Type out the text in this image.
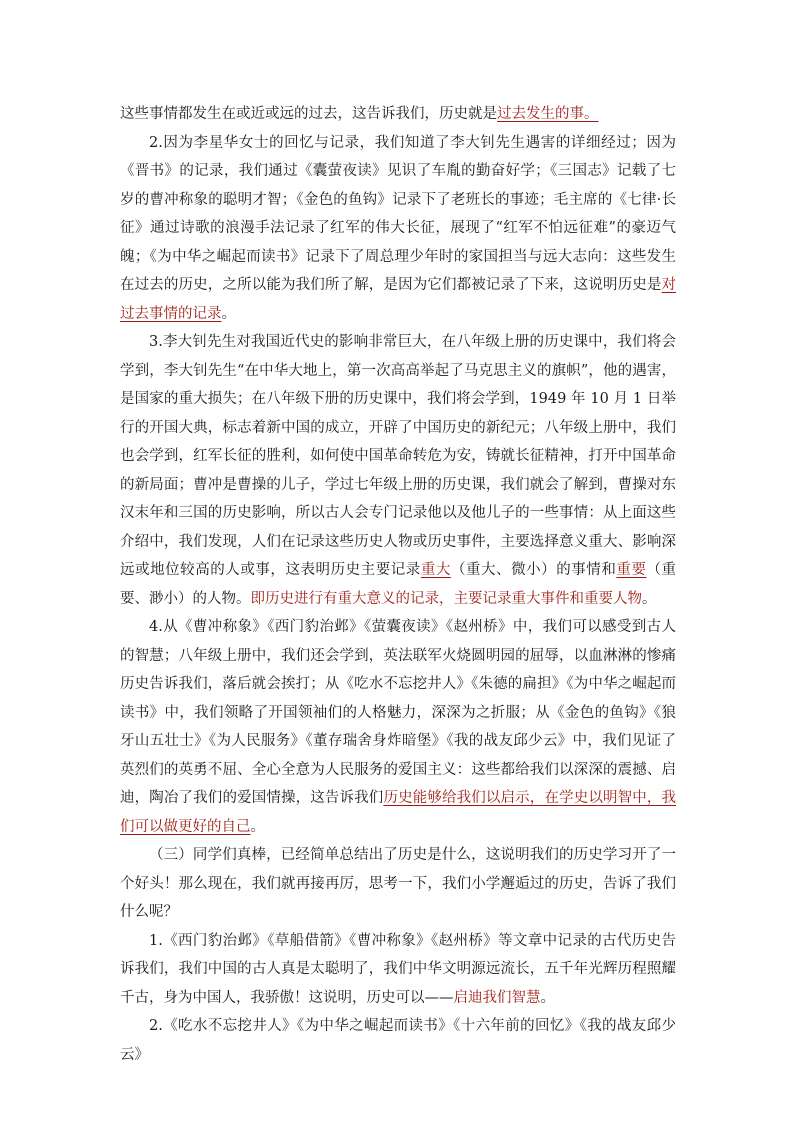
这些事情都发生在或近或远的过去，这告诉我们，历史就是过去发生的事。

2.因为李星华女士的回忆与记录，我们知道了李大钊先生遇害的详细经过；因为《晋书》的记录，我们通过《囊萤夜读》见识了车胤的勤奋好学；《三国志》记载了七岁的曹冲称象的聪明才智；《金色的鱼钩》记录下了老班长的事迹；毛主席的《七律·长征》通过诗歌的浪漫手法记录了红军的伟大长征，展现了“红军不怕远征难”的豪迈气魄；《为中华之崛起而读书》记录下了周总理少年时的家国担当与远大志向：这些发生在过去的历史，之所以能为我们所了解，是因为它们都被记录了下来，这说明历史是对过去事情的记录。

3.李大钊先生对我国近代史的影响非常巨大，在八年级上册的历史课中，我们将会学到，李大钊先生“在中华大地上，第一次高高举起了马克思主义的旗帜”，他的遇害，是国家的重大损失；在八年级下册的历史课中，我们将会学到，1949 年 10 月 1 日举行的开国大典，标志着新中国的成立，开辟了中国历史的新纪元；八年级上册中，我们也会学到，红军长征的胜利，如何使中国革命转危为安，铸就长征精神，打开中国革命的新局面；曹冲是曹操的儿子，学过七年级上册的历史课，我们就会了解到，曹操对东汉末年和三国的历史影响，所以古人会专门记录他以及他儿子的一些事情：从上面这些介绍中，我们发现，人们在记录这些历史人物或历史事件，主要选择意义重大、影响深远或地位较高的人或事，这表明历史主要记录重大（重大、微小）的事情和重要（重要、渺小）的人物。即历史进行有重大意义的记录，主要记录重大事件和重要人物。

4.从《曹冲称象》《西门豹治邺》《萤囊夜读》《赵州桥》中，我们可以感受到古人的智慧；八年级上册中，我们还会学到，英法联军火烧圆明园的屈辱，以血淋淋的惨痛历史告诉我们，落后就会挨打；从《吃水不忘挖井人》《朱德的扁担》《为中华之崛起而读书》中，我们领略了开国领袖们的人格魅力，深深为之折服；从《金色的鱼钩》《狼牙山五壮士》《为人民服务》《董存瑞舍身炸暗堡》《我的战友邱少云》中，我们见证了英烈们的英勇不屈、全心全意为人民服务的爱国主义：这些都给我们以深深的震撼、启迪，陶冶了我们的爱国情操，这告诉我们历史能够给我们以启示，在学史以明智中，我们可以做更好的自己。

（三）同学们真棒，已经简单总结出了历史是什么，这说明我们的历史学习开了一个好头！那么现在，我们就再接再厉，思考一下，我们小学邂逅过的历史，告诉了我们什么呢？

1.《西门豹治邺》《草船借箭》《曹冲称象》《赵州桥》等文章中记录的古代历史告诉我们，我们中国的古人真是太聪明了，我们中华文明源远流长，五千年光辉历程照耀千古，身为中国人，我骄傲！这说明，历史可以——启迪我们智慧。

2.《吃水不忘挖井人》《为中华之崛起而读书》《十六年前的回忆》《我的战友邱少云》
